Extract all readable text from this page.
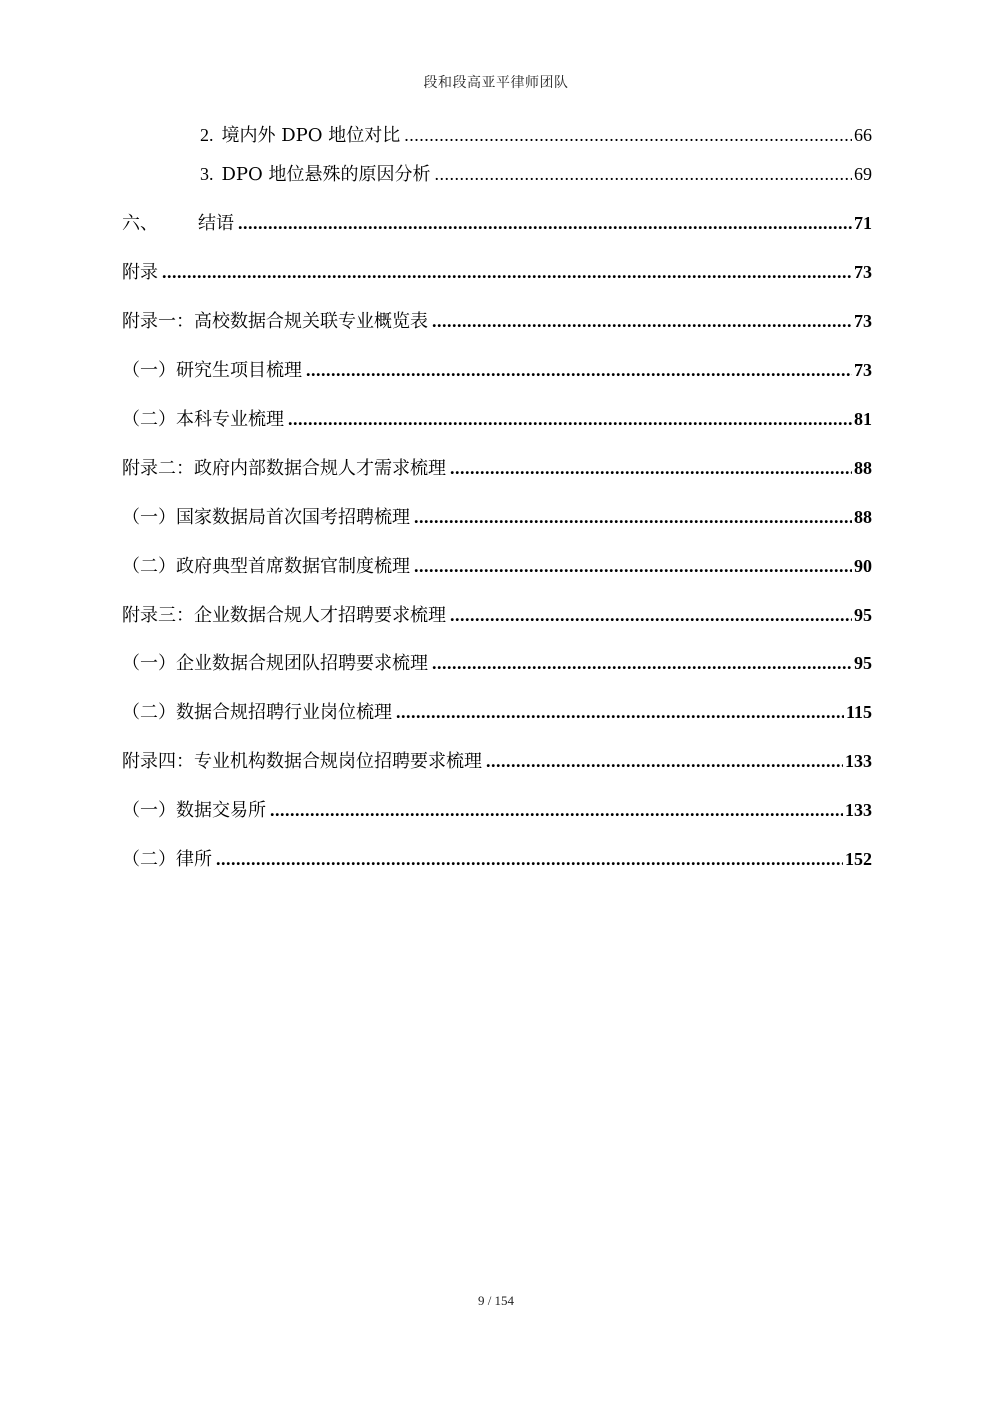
段和段高亚平律师团队
2. 境内外 DPO 地位对比 .....	66
3. DPO 地位悬殊的原因分析 .....	69
六、 结语 .....	71
附录 .....	73
附录一：高校数据合规关联专业概览表 .....	73
（一）研究生项目梳理 .....	73
（二）本科专业梳理 .....	81
附录二：政府内部数据合规人才需求梳理 .....	88
（一）国家数据局首次国考招聘梳理 .....	88
（二）政府典型首席数据官制度梳理 .....	90
附录三：企业数据合规人才招聘要求梳理 .....	95
（一）企业数据合规团队招聘要求梳理 .....	95
（二）数据合规招聘行业岗位梳理 .....	115
附录四：专业机构数据合规岗位招聘要求梳理 .....	133
（一）数据交易所 .....	133
（二）律所 .....	152
9 / 154
